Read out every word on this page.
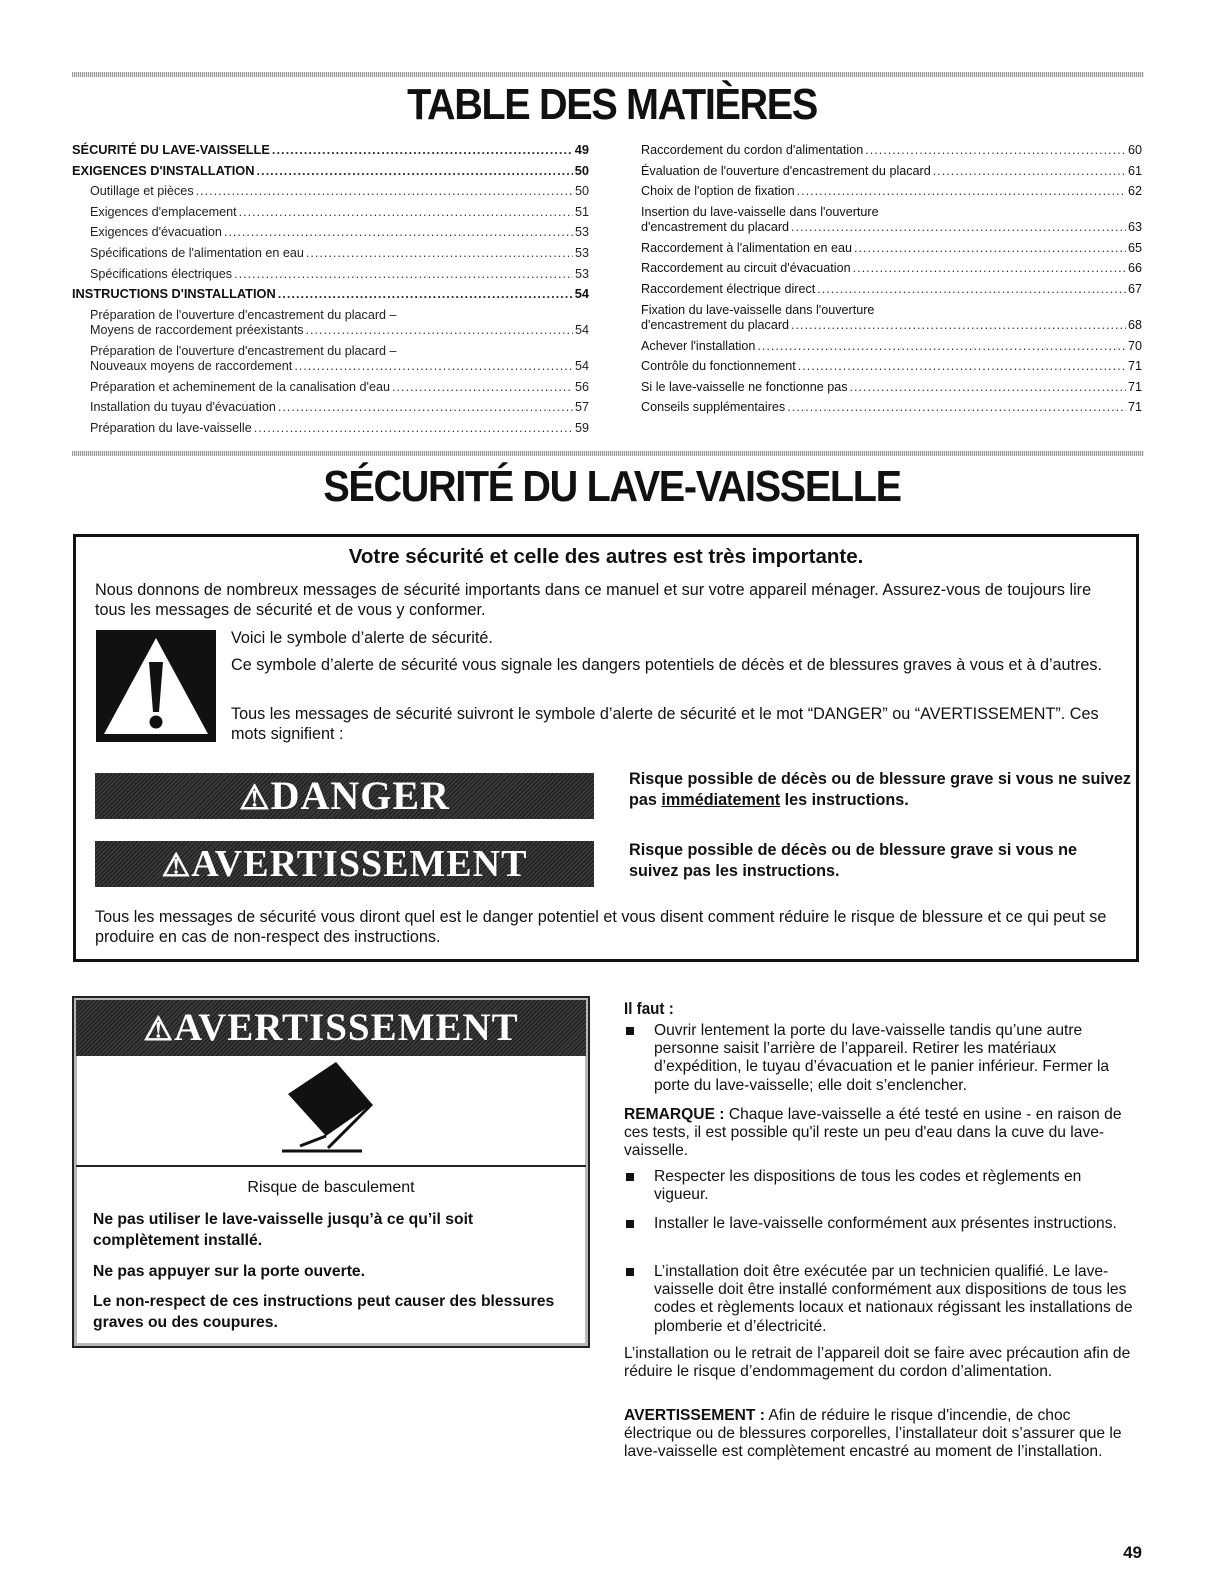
TABLE DES MATIÈRES
SÉCURITÉ DU LAVE-VAISSELLE .....	49
EXIGENCES D'INSTALLATION .....	50
Outillage et pièces .....	50
Exigences d'emplacement .....	51
Exigences d'évacuation .....	53
Spécifications de l'alimentation en eau .....	53
Spécifications électriques .....	53
INSTRUCTIONS D'INSTALLATION .....	54
Préparation de l'ouverture d'encastrement du placard –
Moyens de raccordement préexistants .....	54
Préparation de l'ouverture d'encastrement du placard –
Nouveaux moyens de raccordement .....	54
Préparation et acheminement de la canalisation d'eau .....	56
Installation du tuyau d'évacuation .....	57
Préparation du lave-vaisselle .....	59
Raccordement du cordon d'alimentation .....	60
Évaluation de l'ouverture d'encastrement du placard .....	61
Choix de l'option de fixation .....	62
Insertion du lave-vaisselle dans l'ouverture
d'encastrement du placard .....	63
Raccordement à l'alimentation en eau .....	65
Raccordement au circuit d'évacuation .....	66
Raccordement électrique direct .....	67
Fixation du lave-vaisselle dans l'ouverture
d'encastrement du placard .....	68
Achever l'installation .....	70
Contrôle du fonctionnement .....	71
Si le lave-vaisselle ne fonctionne pas .....	71
Conseils supplémentaires .....	71
SÉCURITÉ DU LAVE-VAISSELLE
Votre sécurité et celle des autres est très importante.
Nous donnons de nombreux messages de sécurité importants dans ce manuel et sur votre appareil ménager. Assurez-vous de toujours lire tous les messages de sécurité et de vous y conformer.
Voici le symbole d’alerte de sécurité.
Ce symbole d’alerte de sécurité vous signale les dangers potentiels de décès et de blessures graves à vous et à d’autres.
Tous les messages de sécurité suivront le symbole d’alerte de sécurité et le mot “DANGER” ou “AVERTISSEMENT”. Ces mots signifient :
⚠DANGER	Risque possible de décès ou de blessure grave si vous ne suivez pas immédiatement les instructions.
⚠AVERTISSEMENT	Risque possible de décès ou de blessure grave si vous ne suivez pas les instructions.
Tous les messages de sécurité vous diront quel est le danger potentiel et vous disent comment réduire le risque de blessure et ce qui peut se produire en cas de non-respect des instructions.
⚠AVERTISSEMENT
Risque de basculement
Ne pas utiliser le lave-vaisselle jusqu’à ce qu’il soit complètement installé.
Ne pas appuyer sur la porte ouverte.
Le non-respect de ces instructions peut causer des blessures graves ou des coupures.
Il faut :
Ouvrir lentement la porte du lave-vaisselle tandis qu’une autre personne saisit l’arrière de l’appareil. Retirer les matériaux d’expédition, le tuyau d’évacuation et le panier inférieur. Fermer la porte du lave-vaisselle; elle doit s’enclencher.
REMARQUE : Chaque lave-vaisselle a été testé en usine - en raison de ces tests, il est possible qu'il reste un peu d'eau dans la cuve du lave-vaisselle.
Respecter les dispositions de tous les codes et règlements en vigueur.
Installer le lave-vaisselle conformément aux présentes instructions.
L’installation doit être exécutée par un technicien qualifié. Le lave-vaisselle doit être installé conformément aux dispositions de tous les codes et règlements locaux et nationaux régissant les installations de plomberie et d’électricité.
L’installation ou le retrait de l’appareil doit se faire avec précaution afin de réduire le risque d’endommagement du cordon d’alimentation.
AVERTISSEMENT : Afin de réduire le risque d'incendie, de choc électrique ou de blessures corporelles, l’installateur doit s’assurer que le lave-vaisselle est complètement encastré au moment de l’installation.
49
